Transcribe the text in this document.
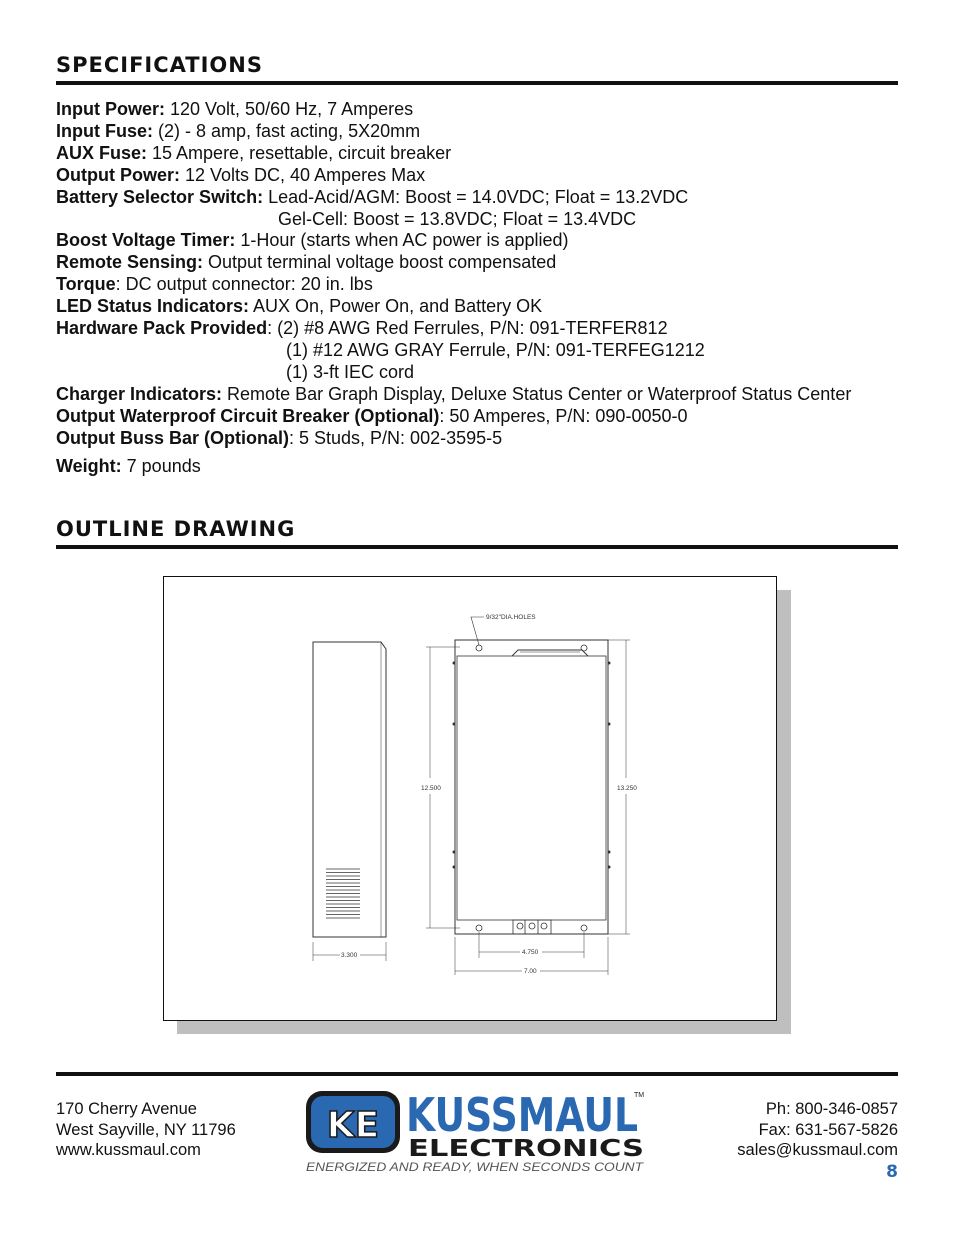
SPECIFICATIONS
Input Power: 120 Volt, 50/60 Hz, 7 Amperes
Input Fuse: (2) - 8 amp, fast acting, 5X20mm
AUX Fuse: 15 Ampere, resettable, circuit breaker
Output Power: 12 Volts DC, 40 Amperes Max
Battery Selector Switch: Lead-Acid/AGM: Boost = 14.0VDC; Float = 13.2VDC
Gel-Cell: Boost = 13.8VDC; Float = 13.4VDC
Boost Voltage Timer: 1-Hour (starts when AC power is applied)
Remote Sensing: Output terminal voltage boost compensated
Torque: DC output connector: 20 in. lbs
LED Status Indicators: AUX On, Power On, and Battery OK
Hardware Pack Provided: (2) #8 AWG Red Ferrules, P/N: 091-TERFER812
(1) #12 AWG GRAY Ferrule, P/N: 091-TERFEG1212
(1) 3-ft IEC cord
Charger Indicators: Remote Bar Graph Display, Deluxe Status Center or Waterproof Status Center
Output Waterproof Circuit Breaker (Optional): 50 Amperes, P/N: 090-0050-0
Output Buss Bar (Optional): 5 Studs, P/N: 002-3595-5
Weight: 7 pounds
OUTLINE DRAWING
9/32"DIA.HOLES
12.500	13.250
3.300	4.750
7.00
170 Cherry Avenue
West Sayville, NY 11796
www.kussmaul.com
Ph: 800-346-0857
Fax: 631-567-5826
sales@kussmaul.com
KE KUSSMAUL
TM
ELECTRONICS
ENERGIZED AND READY, WHEN SECONDS COUNT	8
